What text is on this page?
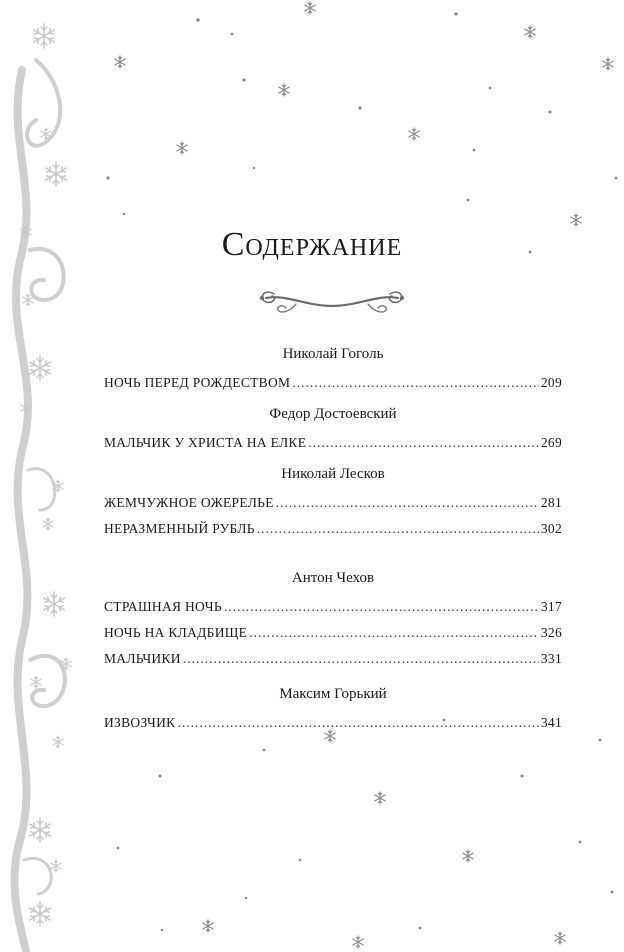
Содержание
Николай Гоголь
НОЧЬ ПЕРЕД РОЖДЕСТВОМ .....	209
Федор Достоевский
МАЛЬЧИК У ХРИСТА НА ЕЛКЕ .....	269
Николай Лесков
ЖЕМЧУЖНОЕ ОЖЕРЕЛЬЕ .....	281
НЕРАЗМЕННЫЙ РУБЛЬ .....	302
Антон Чехов
СТРАШНАЯ НОЧЬ .....	317
НОЧЬ НА КЛАДБИЩЕ .....	326
МАЛЬЧИКИ .....	331
Максим Горький
ИЗВОЗЧИК .....	341
